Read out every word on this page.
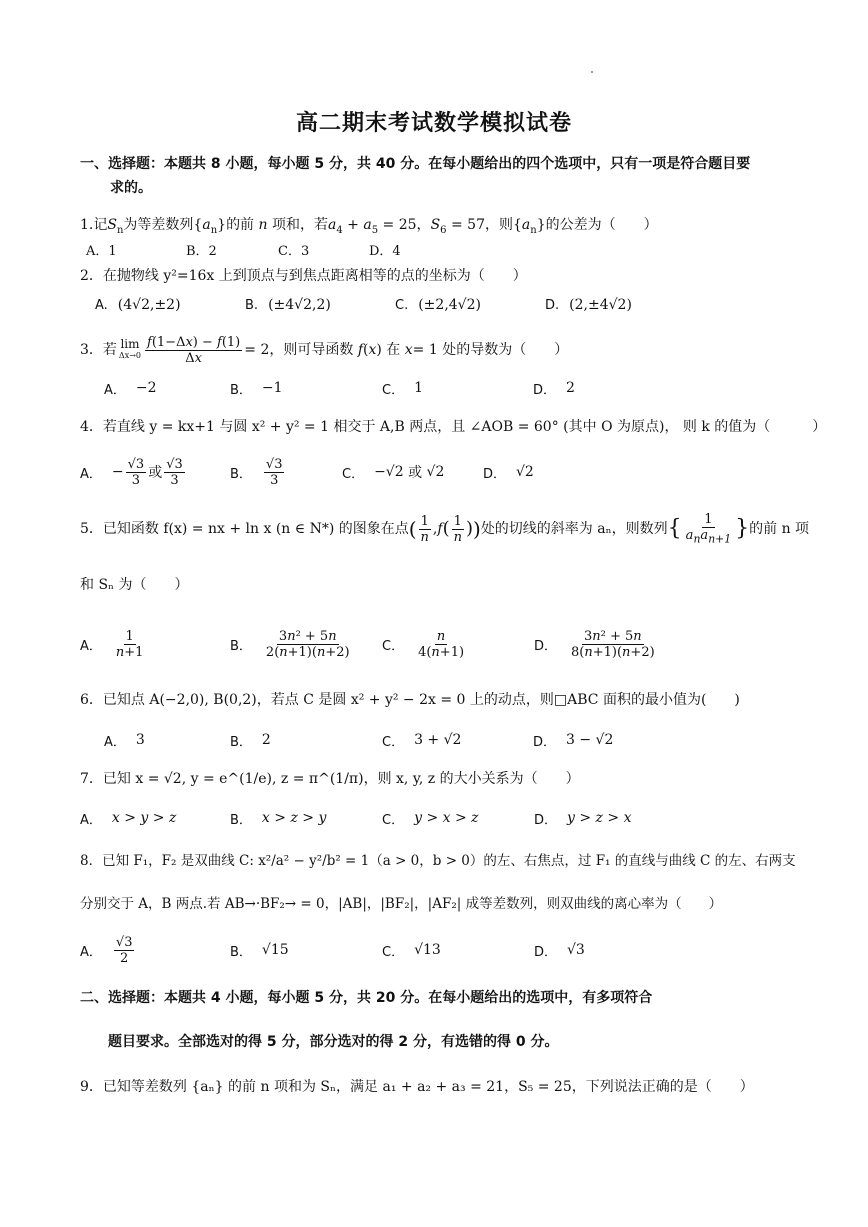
高二期末考试数学模拟试卷
一、选择题：本题共 8 小题，每小题 5 分，共 40 分。在每小题给出的四个选项中，只有一项是符合题目要
求的。
1.记$S_n$为等差数列$\{a_n\}$的前 n 项和，若$a_4 + a_5 = 25$，$S_6 = 57$，则$\{a_n\}$的公差为（　　）
A．1	B．2	C．3	D．4
2．在抛物线 y²=16x 上到顶点与到焦点距离相等的点的坐标为（　　）
A. (4√2,±2)	B. (±4√2,2)	C. (±2,4√2)	D. (2,±4√2)
3．若 lim
$\Delta x\to 0 \frac{f(1-\Delta x) - f(1)}{\Delta x} = 2$，则可导函数
f ( x ) 在
x = 1 处的导数为（　　）
A． −2	B． −1	C． 1	D． 2
4．若直线 y = kx+1 与圆 x² + y² = 1 相交于 A,B 两点，且 ∠AOB = 60° (其中 O 为原点)， 则 k 的值为（　　　）
A． − $\frac{√3}{3}$ 或 $\frac{√3}{3}$	B． $\frac{√3}{3}$	C． −√2 或 √2	D． √2
5．已知函数 f(x) = nx + ln x (n ∈ N*) 的图象在点 ( $\frac{1}{n}$ , f ( $\frac{1}{n}$ ) ) 处的切线的斜率为 aₙ，则数列 { $\frac{1}{a_na_{n+1}}$ } 的前 n 项
和 Sₙ 为（　　）
A． $\frac{1}{n+1}$	B． $\frac{\text{3n² + 5n}}{2(n+1)(n+2)}$ C． $\frac{n}{4(n+1)}$	D． $\frac{\text{3n² + 5n}}{8(n+1)(n+2)}$
6．已知点 A(−2,0), B(0,2)，若点 C 是圆 x² + y² − 2x = 0 上的动点，则□ABC 面积的最小值为(　　)
A． 3	B． 2	C． 3 + √2	D． 3 − √2
7．已知 x = √2, y = e^(1/e), z = π^(1/π)，则 x, y, z 的大小关系为（　　）
A． x > y > z	B． x > z > y	C． y > x > z	D． y > z > x
8．已知 F₁，F₂ 是双曲线 C: x²/a² − y²/b² = 1（a > 0，b > 0）的左、右焦点，过 F₁ 的直线与曲线 C 的左、右两支
分别交于 A，B 两点.若 AB→·BF₂→ = 0，|AB|，|BF₂|，|AF₂| 成等差数列，则双曲线的离心率为（　　）
A． $\frac{√3}{2}$	B． √15	C． √13	D． √3
二、选择题：本题共 4 小题，每小题 5 分，共 20 分。在每小题给出的选项中，有多项符合
题目要求。全部选对的得 5 分，部分选对的得 2 分，有选错的得 0 分。
9．已知等差数列 {aₙ} 的前 n 项和为 Sₙ，满足 a₁ + a₂ + a₃ = 21，S₅ = 25，下列说法正确的是（　　）
